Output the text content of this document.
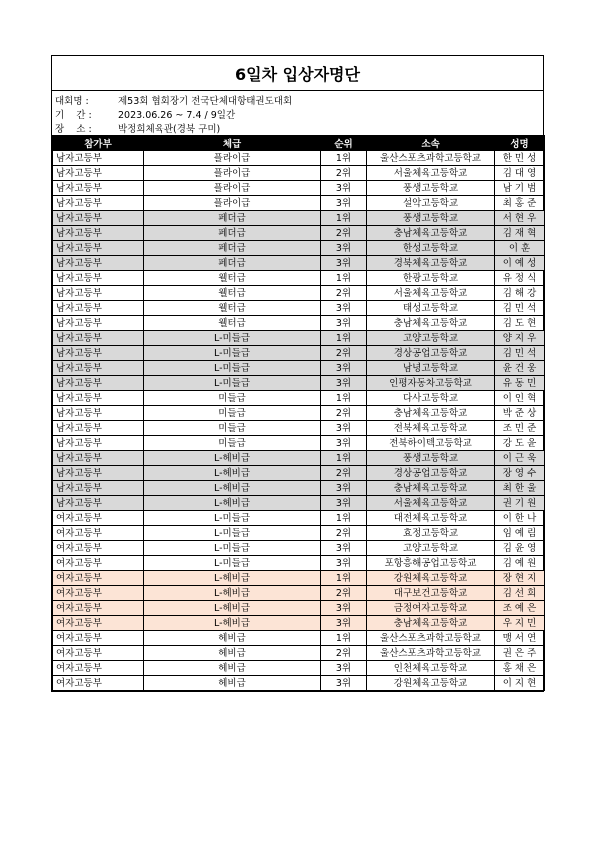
6일차 입상자명단
대회명 :	제53회 협회장기 전국단체대항태권도대회
기    간 :	2023.06.26 ~ 7.4 / 9일간
장    소 :	박정희체육관(경북 구미)
참가부	체급	순위	소속	성명
남자고등부	플라이급	1위	울산스포츠과학고등학교	한 민 성
남자고등부	플라이급	2위	서울체육고등학교	김 대 영
남자고등부	플라이급	3위	풍생고등학교	남 기 범
남자고등부	플라이급	3위	설악고등학교	최 홍 준
남자고등부	페더급	1위	풍생고등학교	서 현 우
남자고등부	페더급	2위	충남체육고등학교	김 재 혁
남자고등부	페더급	3위	한성고등학교	이 훈
남자고등부	페더급	3위	경북체육고등학교	이 예 성
남자고등부	웰터급	1위	한광고등학교	유 정 식
남자고등부	웰터급	2위	서울체육고등학교	김 해 강
남자고등부	웰터급	3위	태성고등학교	김 민 석
남자고등부	웰터급	3위	충남체육고등학교	김 도 현
남자고등부	L-미들급	1위	고양고등학교	양 지 우
남자고등부	L-미들급	2위	경상공업고등학교	김 민 석
남자고등부	L-미들급	3위	남녕고등학교	윤 건 웅
남자고등부	L-미들급	3위	인평자동차고등학교	유 동 민
남자고등부	미들급	1위	다사고등학교	이 인 혁
남자고등부	미들급	2위	충남체육고등학교	박 준 상
남자고등부	미들급	3위	전북체육고등학교	조 민 준
남자고등부	미들급	3위	전북하이텍고등학교	강 도 윤
남자고등부	L-헤비급	1위	풍생고등학교	이 근 욱
남자고등부	L-헤비급	2위	경상공업고등학교	장 영 수
남자고등부	L-헤비급	3위	충남체육고등학교	최 한 울
남자고등부	L-헤비급	3위	서울체육고등학교	권 기 원
여자고등부	L-미들급	1위	대전체육고등학교	이 한 나
여자고등부	L-미들급	2위	효정고등학교	임 예 림
여자고등부	L-미들급	3위	고양고등학교	김 윤 영
여자고등부	L-미들급	3위	포항흥해공업고등학교	김 예 원
여자고등부	L-헤비급	1위	강원체육고등학교	장 현 지
여자고등부	L-헤비급	2위	대구보건고등학교	김 선 희
여자고등부	L-헤비급	3위	금정여자고등학교	조 예 은
여자고등부	L-헤비급	3위	충남체육고등학교	우 지 민
여자고등부	헤비급	1위	울산스포츠과학고등학교	맹 서 연
여자고등부	헤비급	2위	울산스포츠과학고등학교	권 은 주
여자고등부	헤비급	3위	인천체육고등학교	홍 채 은
여자고등부	헤비급	3위	강원체육고등학교	이 지 현
